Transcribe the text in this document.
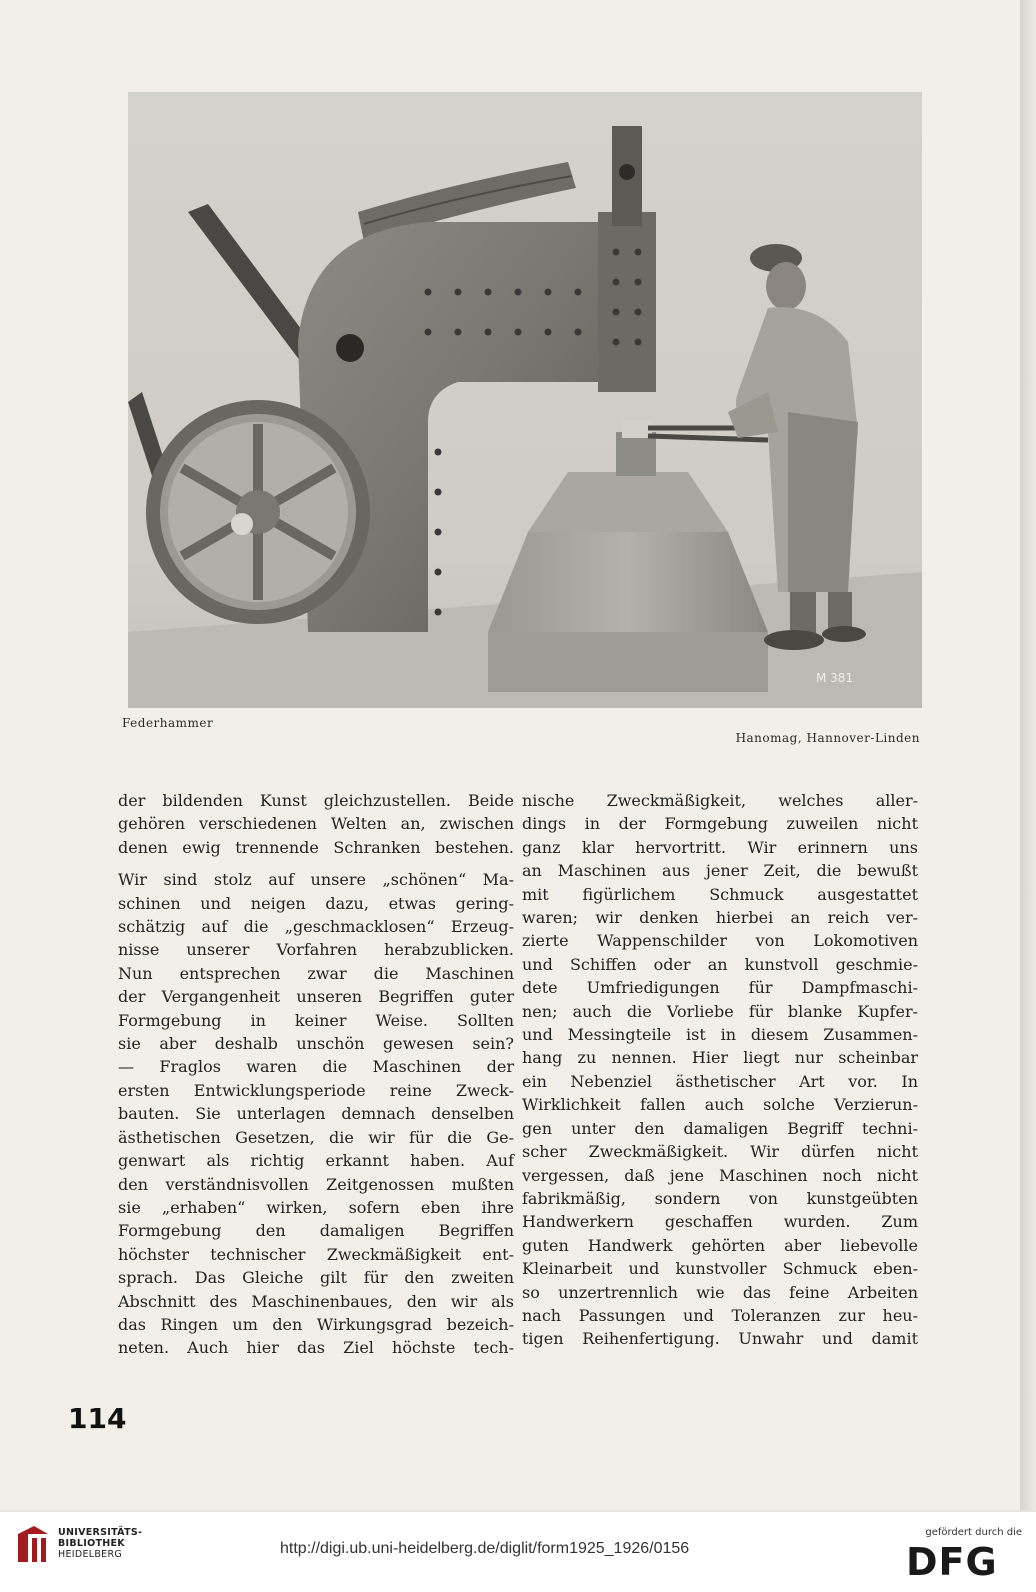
M 381
Federhammer
Hanomag, Hannover-Linden

der bildenden Kunst gleichzustellen. Beide
gehören verschiedenen Welten an, zwischen
denen ewig trennende Schranken bestehen.

Wir sind stolz auf unsere „schönen“ Ma-
schinen und neigen dazu, etwas gering-
schätzig auf die „geschmacklosen“ Erzeug-
nisse unserer Vorfahren herabzublicken.
Nun entsprechen zwar die Maschinen
der Vergangenheit unseren Begriffen guter
Formgebung in keiner Weise. Sollten
sie aber deshalb unschön gewesen sein?
— Fraglos waren die Maschinen der
ersten Entwicklungsperiode reine Zweck-
bauten. Sie unterlagen demnach denselben
ästhetischen Gesetzen, die wir für die Ge-
genwart als richtig erkannt haben. Auf
den verständnisvollen Zeitgenossen mußten
sie „erhaben“ wirken, sofern eben ihre
Formgebung den damaligen Begriffen
höchster technischer Zweckmäßigkeit ent-
sprach. Das Gleiche gilt für den zweiten
Abschnitt des Maschinenbaues, den wir als
das Ringen um den Wirkungsgrad bezeich-
neten. Auch hier das Ziel höchste tech-

nische Zweckmäßigkeit, welches aller-
dings in der Formgebung zuweilen nicht
ganz klar hervortritt. Wir erinnern uns
an Maschinen aus jener Zeit, die bewußt
mit figürlichem Schmuck ausgestattet
waren; wir denken hierbei an reich ver-
zierte Wappenschilder von Lokomotiven
und Schiffen oder an kunstvoll geschmie-
dete Umfriedigungen für Dampfmaschi-
nen; auch die Vorliebe für blanke Kupfer-
und Messingteile ist in diesem Zusammen-
hang zu nennen. Hier liegt nur scheinbar
ein Nebenziel ästhetischer Art vor. In
Wirklichkeit fallen auch solche Verzierun-
gen unter den damaligen Begriff techni-
scher Zweckmäßigkeit. Wir dürfen nicht
vergessen, daß jene Maschinen noch nicht
fabrikmäßig, sondern von kunstgeübten
Handwerkern geschaffen wurden. Zum
guten Handwerk gehörten aber liebevolle
Kleinarbeit und kunstvoller Schmuck eben-
so unzertrennlich wie das feine Arbeiten
nach Passungen und Toleranzen zur heu-
tigen Reihenfertigung. Unwahr und damit

114
UNIVERSITÄTS-
BIBLIOTHEK
HEIDELBERG	http://digi.ub.uni-heidelberg.de/diglit/form1925_1926/0156
gefördert durch die
DFG
